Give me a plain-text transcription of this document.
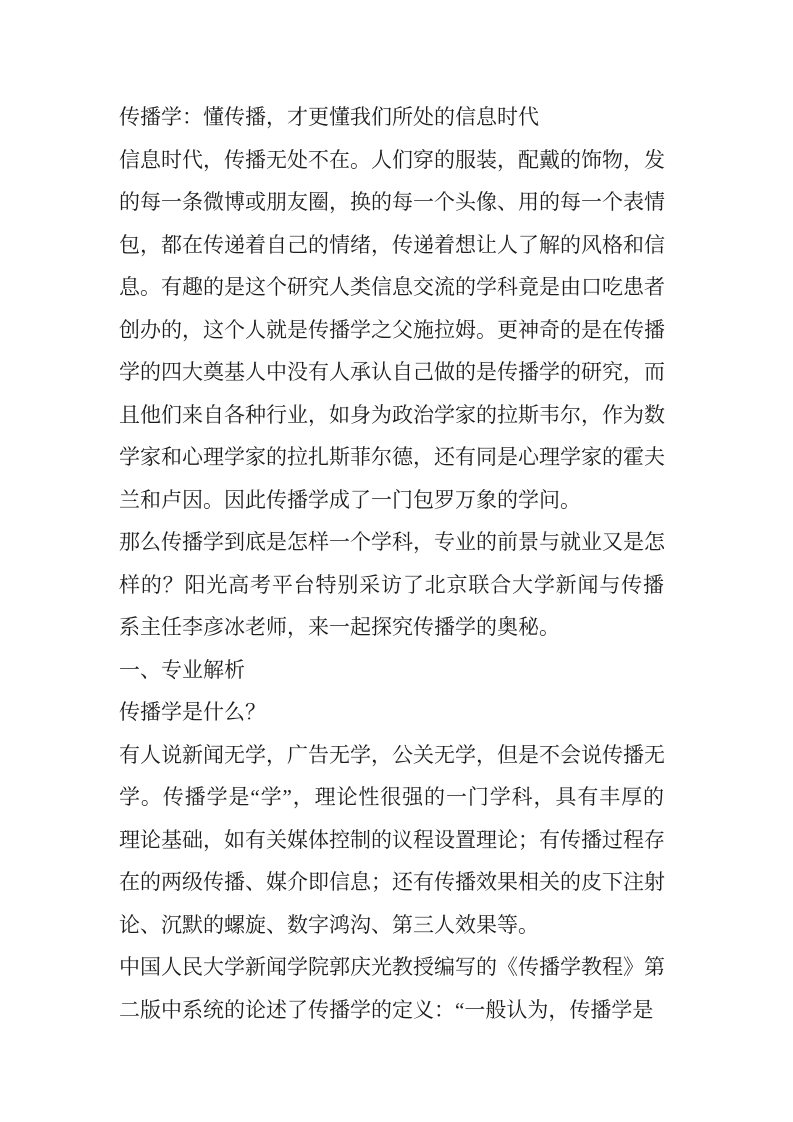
传播学：懂传播，才更懂我们所处的信息时代
信息时代，传播无处不在。人们穿的服装，配戴的饰物，发
的每一条微博或朋友圈，换的每一个头像、用的每一个表情
包，都在传递着自己的情绪，传递着想让人了解的风格和信
息。有趣的是这个研究人类信息交流的学科竟是由口吃患者
创办的，这个人就是传播学之父施拉姆。更神奇的是在传播
学的四大奠基人中没有人承认自己做的是传播学的研究，而
且他们来自各种行业，如身为政治学家的拉斯韦尔，作为数
学家和心理学家的拉扎斯菲尔德，还有同是心理学家的霍夫
兰和卢因。因此传播学成了一门包罗万象的学问。
那么传播学到底是怎样一个学科，专业的前景与就业又是怎
样的？阳光高考平台特别采访了北京联合大学新闻与传播
系主任李彦冰老师，来一起探究传播学的奥秘。
一、专业解析
传播学是什么？
有人说新闻无学，广告无学，公关无学，但是不会说传播无
学。传播学是“学”，理论性很强的一门学科，具有丰厚的
理论基础，如有关媒体控制的议程设置理论；有传播过程存
在的两级传播、媒介即信息；还有传播效果相关的皮下注射
论、沉默的螺旋、数字鸿沟、第三人效果等。
中国人民大学新闻学院郭庆光教授编写的《传播学教程》第
二版中系统的论述了传播学的定义：“一般认为，传播学是
